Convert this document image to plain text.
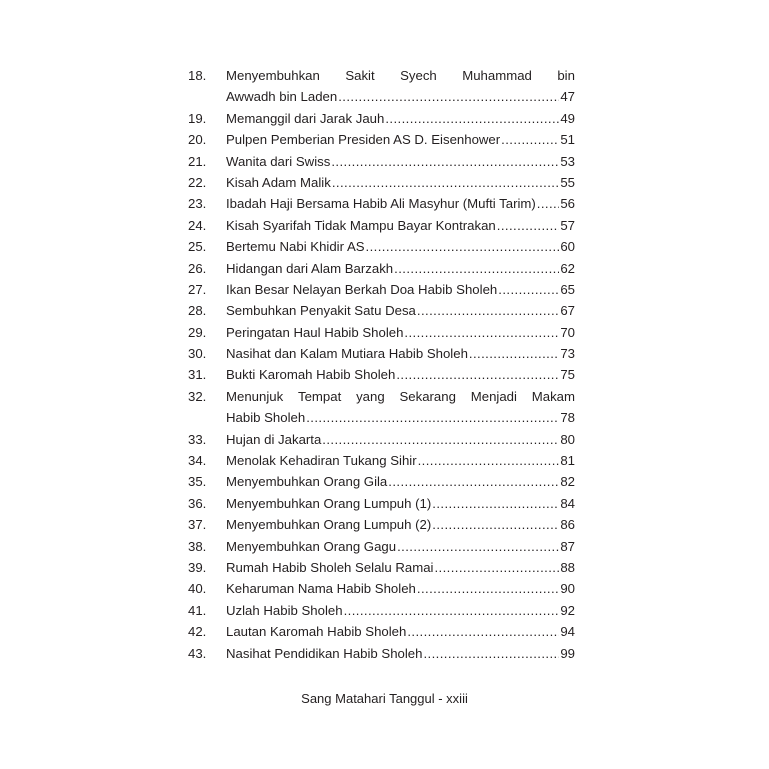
18.	Menyembuhkan Sakit Syech Muhammad bin
Awwadh bin Laden .....	47
19.	Memanggil dari Jarak Jauh .....	49
20.	Pulpen Pemberian Presiden AS D. Eisenhower .....	51
21.	Wanita dari Swiss .....	53
22.	Kisah Adam Malik .....	55
23.	Ibadah Haji Bersama Habib Ali Masyhur (Mufti Tarim) ..... 56
24.	Kisah Syarifah Tidak Mampu Bayar Kontrakan .....	57
25.	Bertemu Nabi Khidir AS .....	60
26.	Hidangan dari Alam Barzakh .....	62
27.	Ikan Besar Nelayan Berkah Doa Habib Sholeh .....	65
28.	Sembuhkan Penyakit Satu Desa .....	67
29.	Peringatan Haul Habib Sholeh .....	70
30.	Nasihat dan Kalam Mutiara Habib Sholeh .....	73
31.	Bukti Karomah Habib Sholeh .....	75
32.	Menunjuk Tempat yang Sekarang Menjadi Makam
Habib Sholeh .....	78
33.	Hujan di Jakarta .....	80
34.	Menolak Kehadiran Tukang Sihir .....	81
35.	Menyembuhkan Orang Gila .....	82
36.	Menyembuhkan Orang Lumpuh (1) .....	84
37.	Menyembuhkan Orang Lumpuh (2) .....	86
38.	Menyembuhkan Orang Gagu .....	87
39.	Rumah Habib Sholeh Selalu Ramai .....	88
40.	Keharuman Nama Habib Sholeh .....	90
41.	Uzlah Habib Sholeh .....	92
42.	Lautan Karomah Habib Sholeh .....	94
43.	Nasihat Pendidikan Habib Sholeh .....	99
Sang Matahari Tanggul - xxiii
